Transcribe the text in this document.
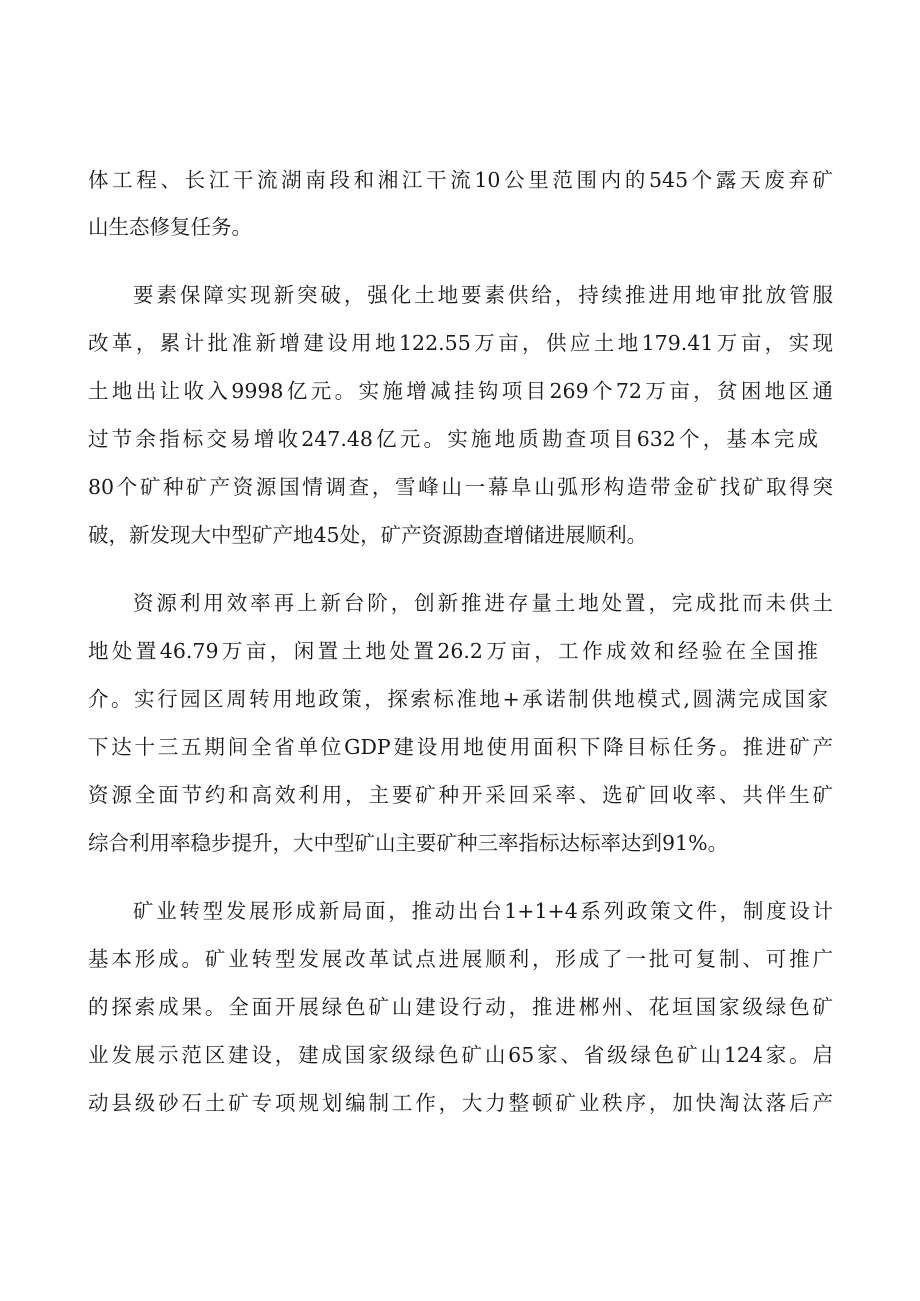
体工程、长江干流湖南段和湘江干流10公里范围内的545个露天废弃矿
山生态修复任务。
要素保障实现新突破，强化土地要素供给，持续推进用地审批放管服
改革，累计批准新增建设用地122.55万亩，供应土地179.41万亩，实现
土地出让收入9998亿元。实施增减挂钩项目269个72万亩，贫困地区通
过节余指标交易增收247.48亿元。实施地质勘查项目632个，基本完成
80个矿种矿产资源国情调查，雪峰山一幕阜山弧形构造带金矿找矿取得突
破，新发现大中型矿产地45处，矿产资源勘查增储进展顺利。
资源利用效率再上新台阶，创新推进存量土地处置，完成批而未供土
地处置46.79万亩，闲置土地处置26.2万亩，工作成效和经验在全国推
介。实行园区周转用地政策，探索标准地+承诺制供地模式,圆满完成国家
下达十三五期间全省单位GDP建设用地使用面积下降目标任务。推进矿产
资源全面节约和高效利用，主要矿种开采回采率、选矿回收率、共伴生矿
综合利用率稳步提升，大中型矿山主要矿种三率指标达标率达到91%。
矿业转型发展形成新局面，推动出台1+1+4系列政策文件，制度设计
基本形成。矿业转型发展改革试点进展顺利，形成了一批可复制、可推广
的探索成果。全面开展绿色矿山建设行动，推进郴州、花垣国家级绿色矿
业发展示范区建设，建成国家级绿色矿山65家、省级绿色矿山124家。启
动县级砂石土矿专项规划编制工作，大力整顿矿业秩序，加快淘汰落后产
